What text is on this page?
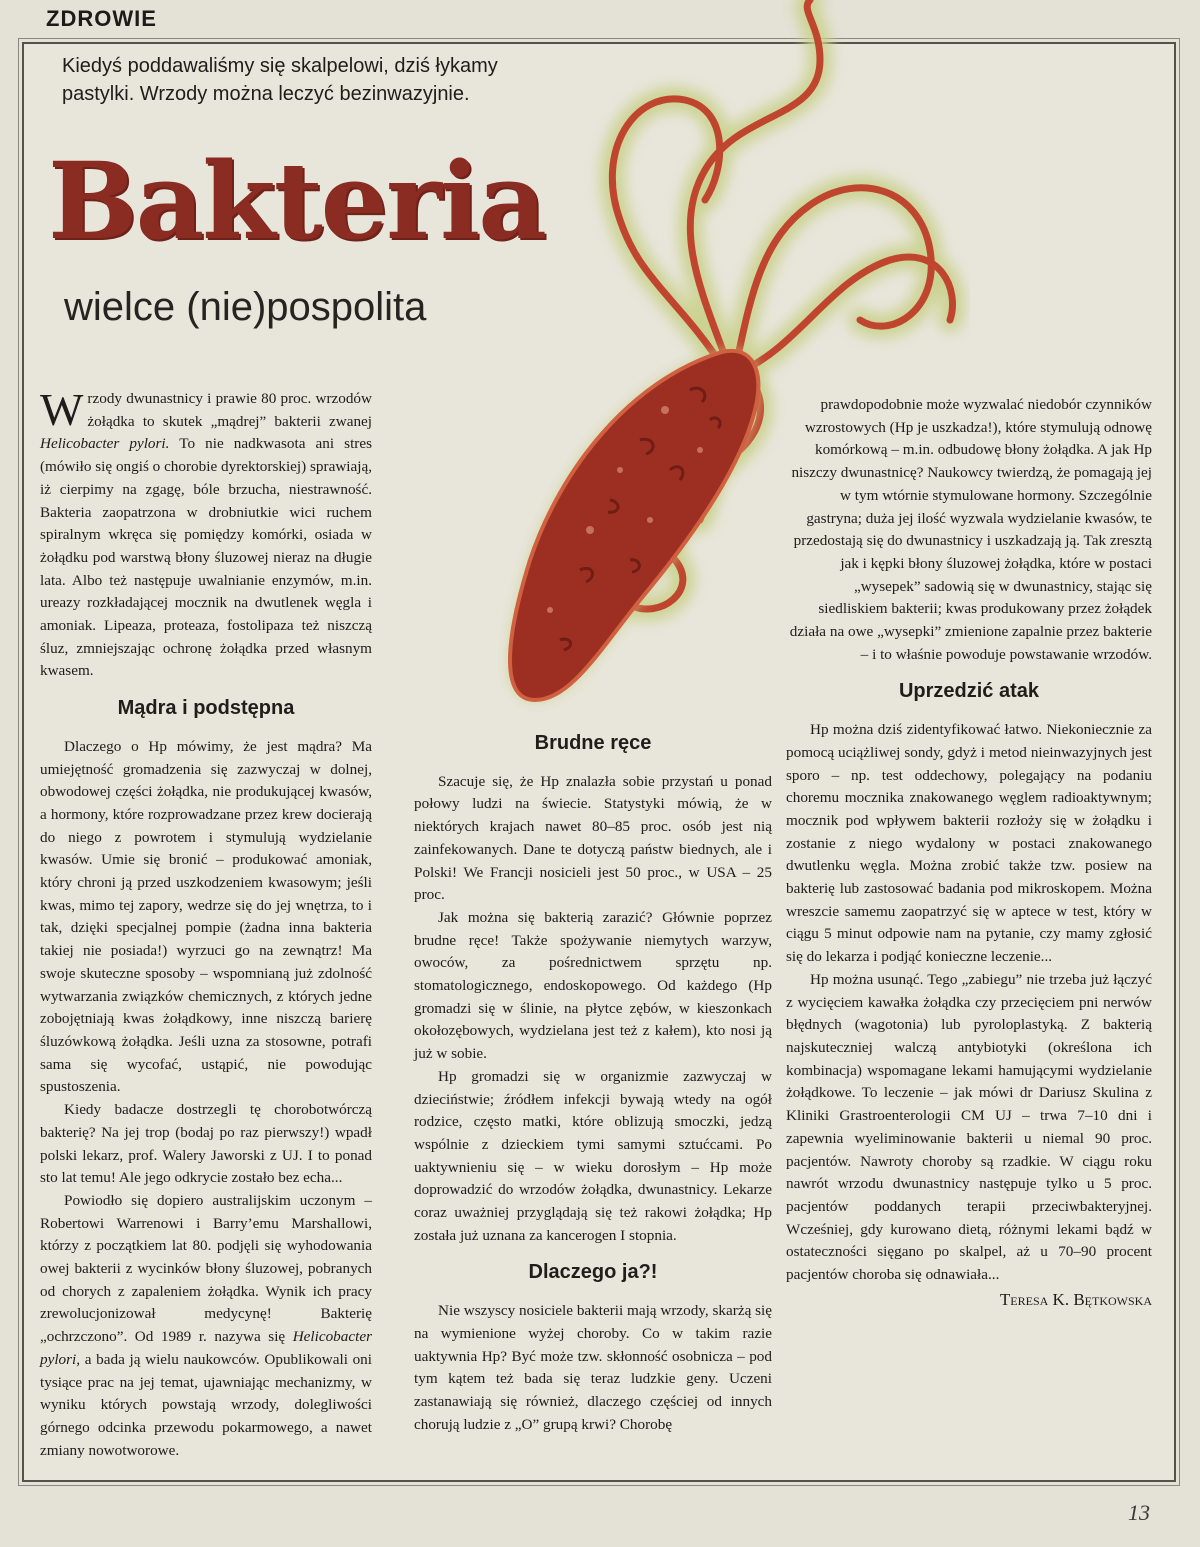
ZDROWIE
Kiedyś poddawaliśmy się skalpelowi, dziś łykamy pastylki. Wrzody można leczyć bezinwazyjnie.
Bakteria
wielce (nie)pospolita

Wrzody dwunastnicy i prawie 80 proc. wrzodów żołądka to skutek „mądrej” bakterii zwanej Helicobacter pylori. To nie nadkwasota ani stres (mówiło się ongiś o chorobie dyrektorskiej) sprawiają, iż cierpimy na zgagę, bóle brzucha, niestrawność. Bakteria zaopatrzona w drobniutkie wici ruchem spiralnym wkręca się pomiędzy komórki, osiada w żołądku pod warstwą błony śluzowej nieraz na długie lata. Albo też następuje uwalnianie enzymów, m.in. ureazy rozkładającej mocznik na dwutlenek węgla i amoniak. Lipeaza, proteaza, fostolipaza też niszczą śluz, zmniejszając ochronę żołądka przed własnym kwasem.

Mądra i podstępna

Dlaczego o Hp mówimy, że jest mądra? Ma umiejętność gromadzenia się zazwyczaj w dolnej, obwodowej części żołądka, nie produkującej kwasów, a hormony, które rozprowadzane przez krew docierają do niego z powrotem i stymulują wydzielanie kwasów. Umie się bronić – produkować amoniak, który chroni ją przed uszkodzeniem kwasowym; jeśli kwas, mimo tej zapory, wedrze się do jej wnętrza, to i tak, dzięki specjalnej pompie (żadna inna bakteria takiej nie posiada!) wyrzuci go na zewnątrz! Ma swoje skuteczne sposoby – wspomnianą już zdolność wytwarzania związków chemicznych, z których jedne zobojętniają kwas żołądkowy, inne niszczą barierę śluzówkową żołądka. Jeśli uzna za stosowne, potrafi sama się wycofać, ustąpić, nie powodując spustoszenia.

Kiedy badacze dostrzegli tę chorobotwórczą bakterię? Na jej trop (bodaj po raz pierwszy!) wpadł polski lekarz, prof. Walery Jaworski z UJ. I to ponad sto lat temu! Ale jego odkrycie zostało bez echa...

Powiodło się dopiero australijskim uczonym – Robertowi Warrenowi i Barry’emu Marshallowi, którzy z początkiem lat 80. podjęli się wyhodowania owej bakterii z wycinków błony śluzowej, pobranych od chorych z zapaleniem żołądka. Wynik ich pracy zrewolucjonizował medycynę! Bakterię „ochrzczono”. Od 1989 r. nazywa się Helicobacter pylori, a bada ją wielu naukowców. Opublikowali oni tysiące prac na jej temat, ujawniając mechanizmy, w wyniku których powstają wrzody, dolegliwości górnego odcinka przewodu pokarmowego, a nawet zmiany nowotworowe.

Brudne ręce

Szacuje się, że Hp znalazła sobie przystań u ponad połowy ludzi na świecie. Statystyki mówią, że w niektórych krajach nawet 80–85 proc. osób jest nią zainfekowanych. Dane te dotyczą państw biednych, ale i Polski! We Francji nosicieli jest 50 proc., w USA – 25 proc.

Jak można się bakterią zarazić? Głównie poprzez brudne ręce! Także spożywanie niemytych warzyw, owoców, za pośrednictwem sprzętu np. stomatologicznego, endoskopowego. Od każdego (Hp gromadzi się w ślinie, na płytce zębów, w kieszonkach okołozębowych, wydzielana jest też z kałem), kto nosi ją już w sobie.

Hp gromadzi się w organizmie zazwyczaj w dzieciństwie; źródłem infekcji bywają wtedy na ogół rodzice, często matki, które oblizują smoczki, jedzą wspólnie z dzieckiem tymi samymi sztućcami. Po uaktywnieniu się – w wieku dorosłym – Hp może doprowadzić do wrzodów żołądka, dwunastnicy. Lekarze coraz uważniej przyglądają się też rakowi żołądka; Hp została już uznana za kancerogen I stopnia.

Dlaczego ja?!

Nie wszyscy nosiciele bakterii mają wrzody, skarżą się na wymienione wyżej choroby. Co w takim razie uaktywnia Hp? Być może tzw. skłonność osobnicza – pod tym kątem też bada się teraz ludzkie geny. Uczeni zastanawiają się również, dlaczego częściej od innych chorują ludzie z „O” grupą krwi? Chorobę

prawdopodobnie może wyzwalać niedobór czynników wzrostowych (Hp je uszkadza!), które stymulują odnowę komórkową – m.in. odbudowę błony żołądka. A jak Hp niszczy dwunastnicę? Naukowcy twierdzą, że pomagają jej w tym wtórnie stymulowane hormony. Szczególnie gastryna; duża jej ilość wyzwala wydzielanie kwasów, te przedostają się do dwunastnicy i uszkadzają ją. Tak zresztą jak i kępki błony śluzowej żołądka, które w postaci „wysepek” sadowią się w dwunastnicy, stając się siedliskiem bakterii; kwas produkowany przez żołądek działa na owe „wysepki” zmienione zapalnie przez bakterie – i to właśnie powoduje powstawanie wrzodów.

Uprzedzić atak

Hp można dziś zidentyfikować łatwo. Niekoniecznie za pomocą uciążliwej sondy, gdyż i metod nieinwazyjnych jest sporo – np. test oddechowy, polegający na podaniu choremu mocznika znakowanego węglem radioaktywnym; mocznik pod wpływem bakterii rozłoży się w żołądku i zostanie z niego wydalony w postaci znakowanego dwutlenku węgla. Można zrobić także tzw. posiew na bakterię lub zastosować badania pod mikroskopem. Można wreszcie samemu zaopatrzyć się w aptece w test, który w ciągu 5 minut odpowie nam na pytanie, czy mamy zgłosić się do lekarza i podjąć konieczne leczenie...

Hp można usunąć. Tego „zabiegu” nie trzeba już łączyć z wycięciem kawałka żołądka czy przecięciem pni nerwów błędnych (wagotonia) lub pyroloplastyką. Z bakterią najskuteczniej walczą antybiotyki (określona ich kombinacja) wspomagane lekami hamującymi wydzielanie żołądkowe. To leczenie – jak mówi dr Dariusz Skulina z Kliniki Grastroenterologii CM UJ – trwa 7–10 dni i zapewnia wyeliminowanie bakterii u niemal 90 proc. pacjentów. Nawroty choroby są rzadkie. W ciągu roku nawrót wrzodu dwunastnicy następuje tylko u 5 proc. pacjentów poddanych terapii przeciwbakteryjnej. Wcześniej, gdy kurowano dietą, różnymi lekami bądź w ostateczności sięgano po skalpel, aż u 70–90 procent pacjentów choroba się odnawiała...

Teresa K. Bętkowska
13
